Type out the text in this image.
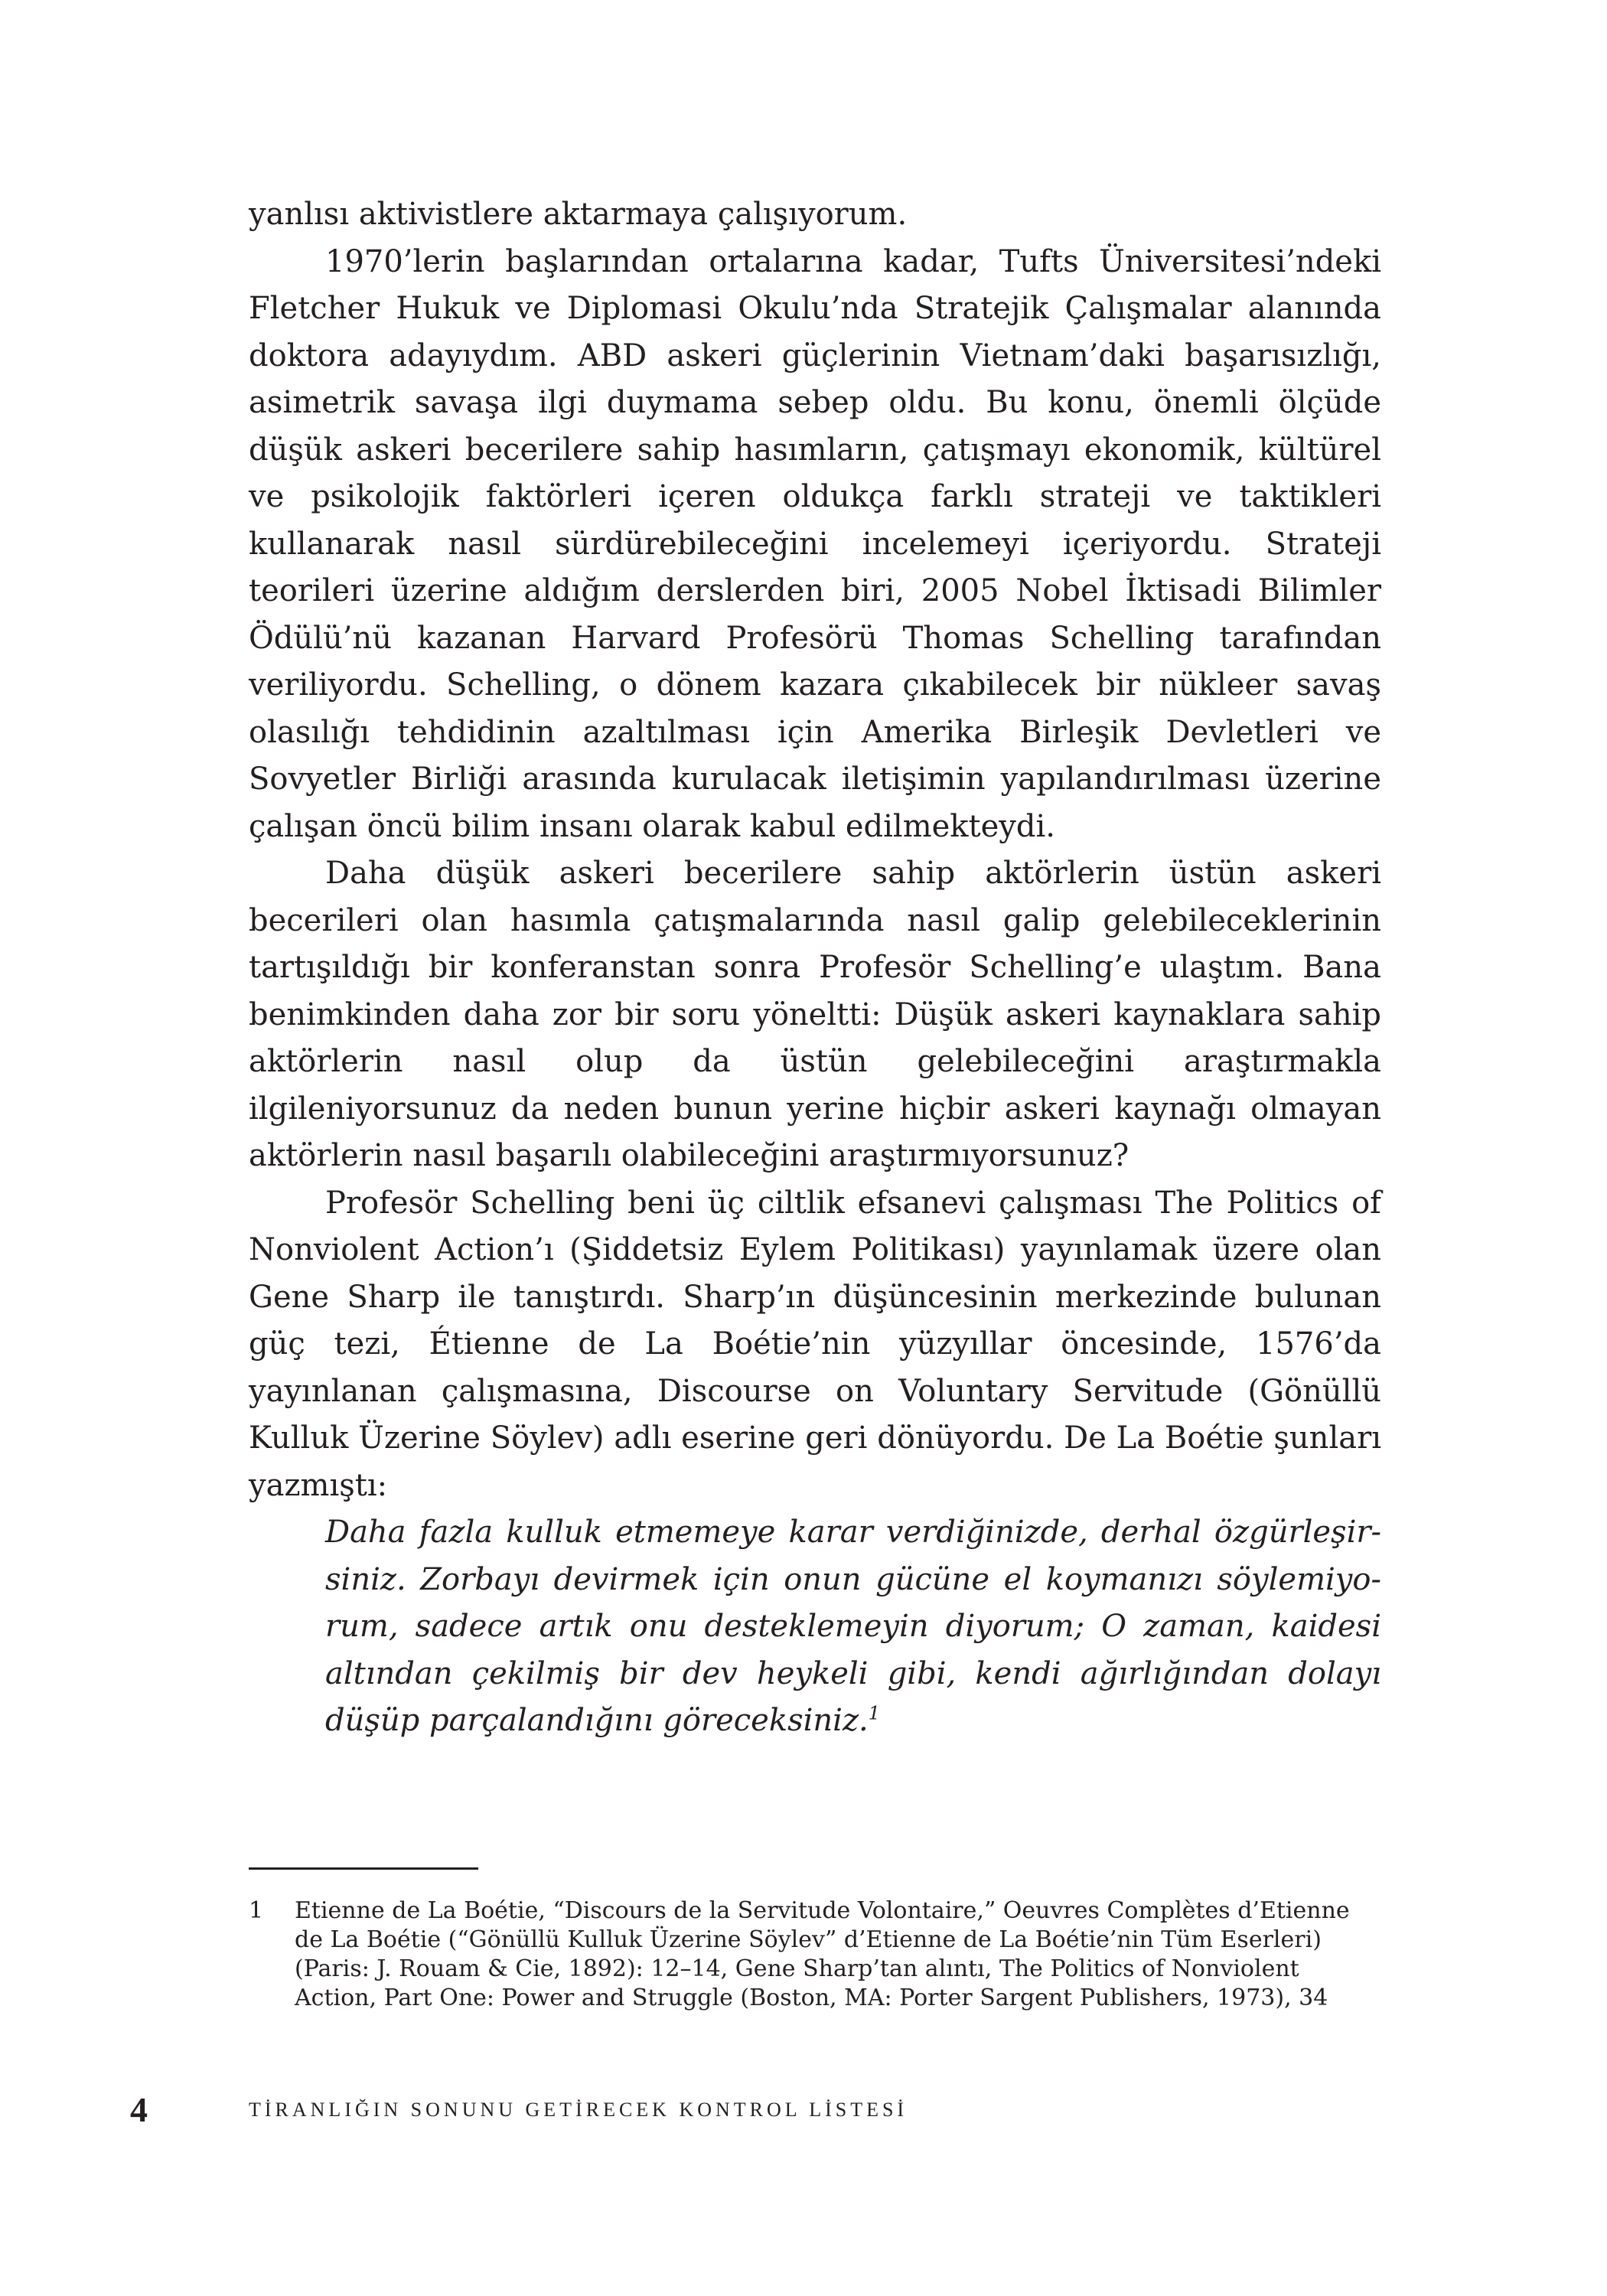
yanlısı aktivistlere aktarmaya çalışıyorum.

1970’lerin başlarından ortalarına kadar, Tufts Üniversitesi’ndeki Fletcher Hukuk ve Diplomasi Okulu’nda Stratejik Çalışmalar alanında doktora adayıydım. ABD askeri güçlerinin Vietnam’daki başarısızlığı, asimetrik savaşa ilgi duymama sebep oldu. Bu konu, önemli ölçüde düşük askeri becerilere sahip hasımların, çatışmayı ekonomik, kültürel ve psikolojik faktörleri içeren oldukça farklı strateji ve taktikleri kullanarak nasıl sürdürebileceğini incelemeyi içeriyordu. Strateji teorileri üzerine aldığım derslerden biri, 2005 Nobel İktisadi Bilimler Ödülü’nü kazanan Harvard Profesörü Thomas Schelling tarafından veriliyordu. Schelling, o dönem kazara çıkabilecek bir nükleer savaş olasılığı tehdidinin azaltılması için Amerika Birleşik Devletleri ve Sovyetler Birliği arasında kurulacak iletişimin yapılandırılması üzerine çalışan öncü bilim insanı olarak kabul edilmekteydi.

Daha düşük askeri becerilere sahip aktörlerin üstün askeri becerileri olan hasımla çatışmalarında nasıl galip gelebileceklerinin tartışıldığı bir konferanstan sonra Profesör Schelling’e ulaştım. Bana benimkinden daha zor bir soru yöneltti: Düşük askeri kaynaklara sahip aktörlerin nasıl olup da üstün gelebileceğini araştırmakla ilgileniyorsunuz da neden bunun yerine hiçbir askeri kaynağı olmayan aktörlerin nasıl başarılı olabileceğini araştırmıyorsunuz?

Profesör Schelling beni üç ciltlik efsanevi çalışması The Politics of Nonviolent Action’ı (Şiddetsiz Eylem Politikası) yayınlamak üzere olan Gene Sharp ile tanıştırdı. Sharp’ın düşüncesinin merkezinde bulunan güç tezi, Étienne de La Boétie’nin yüzyıllar öncesinde, 1576’da yayınlanan çalışmasına, Discourse on Voluntary Servitude (Gönüllü Kulluk Üzerine Söylev) adlı eserine geri dönüyordu. De La Boétie şunları yazmıştı:

Daha fazla kulluk etmemeye karar verdiğinizde, derhal özgürleşirsiniz. Zorbayı devirmek için onun gücüne el koymanızı söylemiyorum, sadece artık onu desteklemeyin diyorum; O zaman, kaidesi altından çekilmiş bir dev heykeli gibi, kendi ağırlığından dolayı düşüp parçalandığını göreceksiniz.$^1$

1	Etienne de La Boétie, “Discours de la Servitude Volontaire,” Oeuvres Complètes d’Etienne de La Boétie (“Gönüllü Kulluk Üzerine Söylev” d’Etienne de La Boétie’nin Tüm Eserleri) (Paris: J. Rouam & Cie, 1892): 12–14, Gene Sharp’tan alıntı, The Politics of Nonviolent Action, Part One: Power and Struggle (Boston, MA: Porter Sargent Publishers, 1973), 34
4	TİRANLIĞIN SONUNU GETİRECEK KONTROL LİSTESİ
